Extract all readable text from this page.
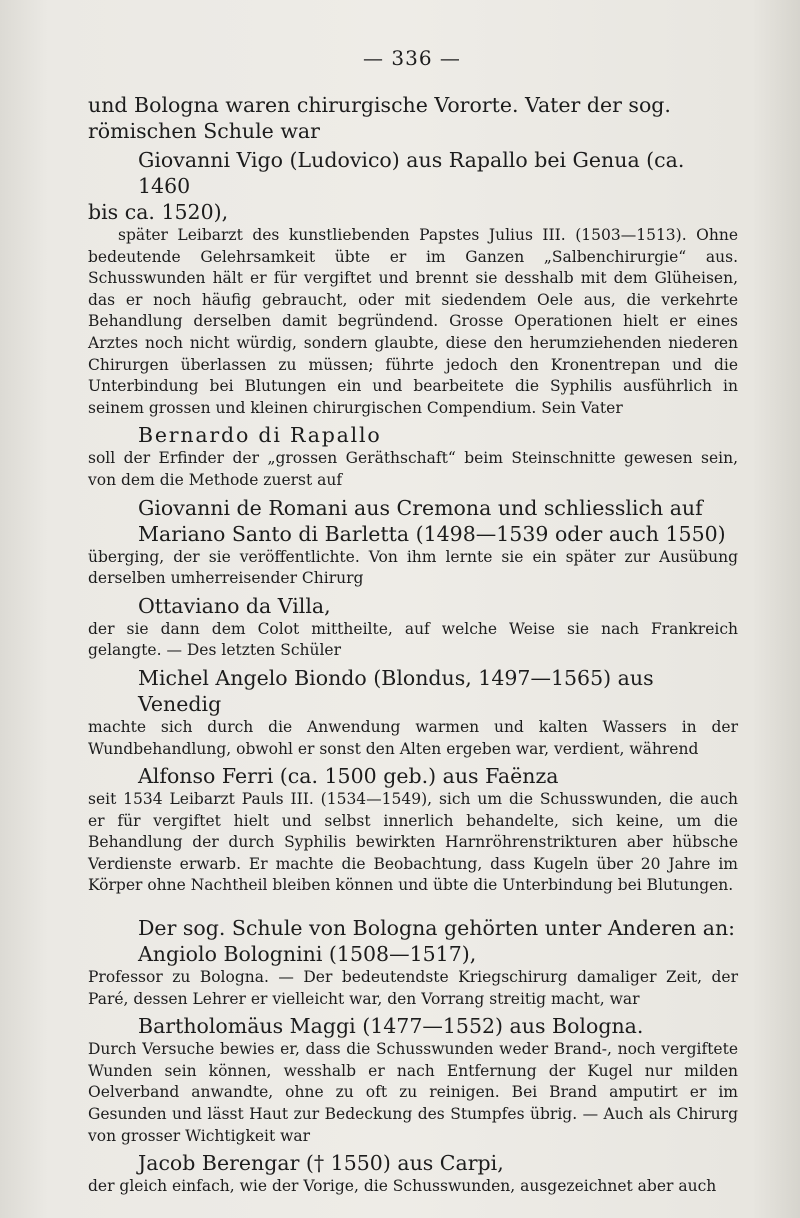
— 336 —

und Bologna waren chirurgische Vororte. Vater der sog. römischen Schule war

Giovanni Vigo (Ludovico) aus Rapallo bei Genua (ca. 1460

bis ca. 1520),

später Leibarzt des kunstliebenden Papstes Julius III. (1503—1513). Ohne bedeutende Gelehrsamkeit übte er im Ganzen „Salbenchirurgie“ aus. Schusswunden hält er für vergiftet und brennt sie desshalb mit dem Glüheisen, das er noch häufig gebraucht, oder mit siedendem Oele aus, die verkehrte Behandlung derselben damit begründend. Grosse Operationen hielt er eines Arztes noch nicht würdig, sondern glaubte, diese den herumziehenden niederen Chirurgen überlassen zu müssen; führte jedoch den Kronentrepan und die Unterbindung bei Blutungen ein und bearbeitete die Syphilis ausführlich in seinem grossen und kleinen chirurgischen Compendium. Sein Vater

Bernardo di Rapallo

soll der Erfinder der „grossen Geräthschaft“ beim Steinschnitte gewesen sein, von dem die Methode zuerst auf

Giovanni de Romani aus Cremona und schliesslich auf

Mariano Santo di Barletta (1498—1539 oder auch 1550)

überging, der sie veröffentlichte. Von ihm lernte sie ein später zur Ausübung derselben umherreisender Chirurg

Ottaviano da Villa,

der sie dann dem Colot mittheilte, auf welche Weise sie nach Frankreich gelangte. — Des letzten Schüler

Michel Angelo Biondo (Blondus, 1497—1565) aus Venedig

machte sich durch die Anwendung warmen und kalten Wassers in der Wundbehandlung, obwohl er sonst den Alten ergeben war, verdient, während

Alfonso Ferri (ca. 1500 geb.) aus Faënza

seit 1534 Leibarzt Pauls III. (1534—1549), sich um die Schusswunden, die auch er für vergiftet hielt und selbst innerlich behandelte, sich keine, um die Behandlung der durch Syphilis bewirkten Harnröhrenstrikturen aber hübsche Verdienste erwarb. Er machte die Beobachtung, dass Kugeln über 20 Jahre im Körper ohne Nachtheil bleiben können und übte die Unterbindung bei Blutungen.

Der sog. Schule von Bologna gehörten unter Anderen an:

Angiolo Bolognini (1508—1517),

Professor zu Bologna. — Der bedeutendste Kriegschirurg damaliger Zeit, der Paré, dessen Lehrer er vielleicht war, den Vorrang streitig macht, war

Bartholomäus Maggi (1477—1552) aus Bologna.

Durch Versuche bewies er, dass die Schusswunden weder Brand-, noch vergiftete Wunden sein können, wesshalb er nach Entfernung der Kugel nur milden Oelverband anwandte, ohne zu oft zu reinigen. Bei Brand amputirt er im Gesunden und lässt Haut zur Bedeckung des Stumpfes übrig. — Auch als Chirurg von grosser Wichtigkeit war

Jacob Berengar († 1550) aus Carpi,

der gleich einfach, wie der Vorige, die Schusswunden, ausgezeichnet aber auch
